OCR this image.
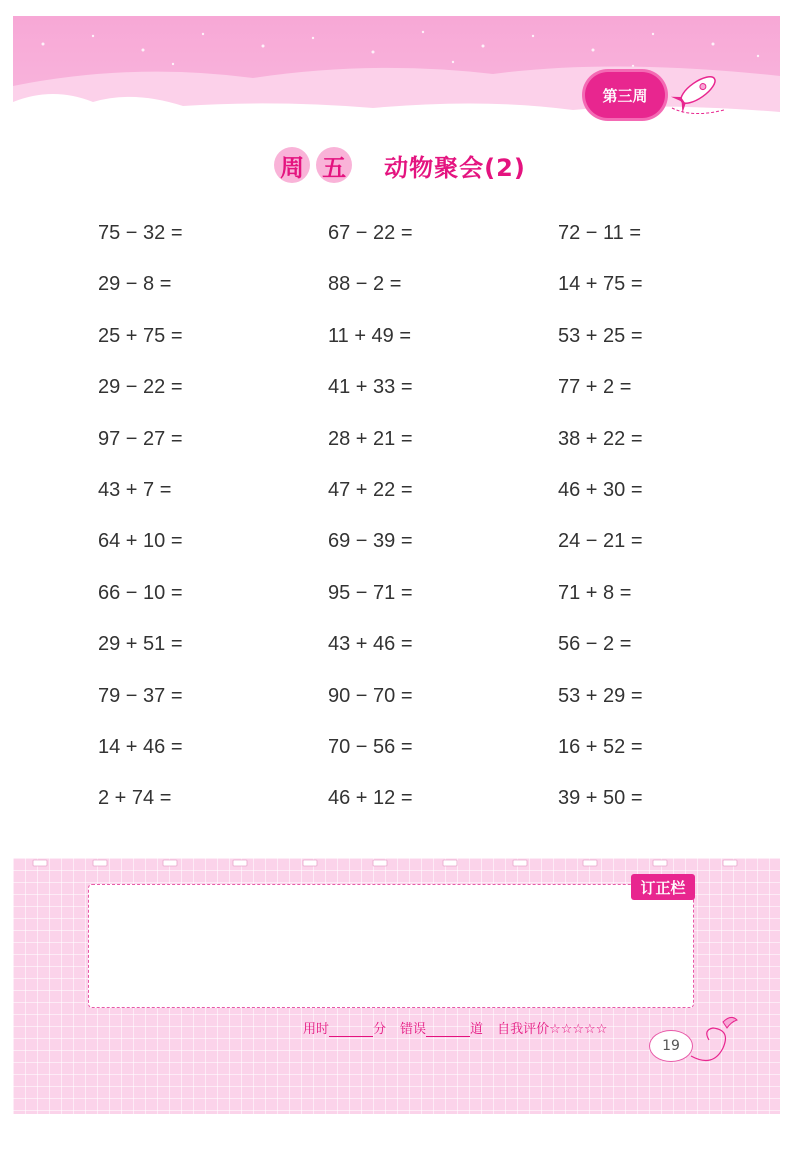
第三周
周 五 动物聚会(2)
75 − 32 =
29 − 8 =
25 + 75 =
29 − 22 =
97 − 27 =
43 + 7 =
64 + 10 =
66 − 10 =
29 + 51 =
79 − 37 =
14 + 46 =
2 + 74 =
67 − 22 =
88 − 2 =
11 + 49 =
41 + 33 =
28 + 21 =
47 + 22 =
69 − 39 =
95 − 71 =
43 + 46 =
90 − 70 =
70 − 56 =
46 + 12 =
72 − 11 =
14 + 75 =
53 + 25 =
77 + 2 =
38 + 22 =
46 + 30 =
24 − 21 =
71 + 8 =
56 − 2 =
53 + 29 =
16 + 52 =
39 + 50 =
订正栏
用时	分 错误	道 自我评价 ☆☆☆☆☆
19
